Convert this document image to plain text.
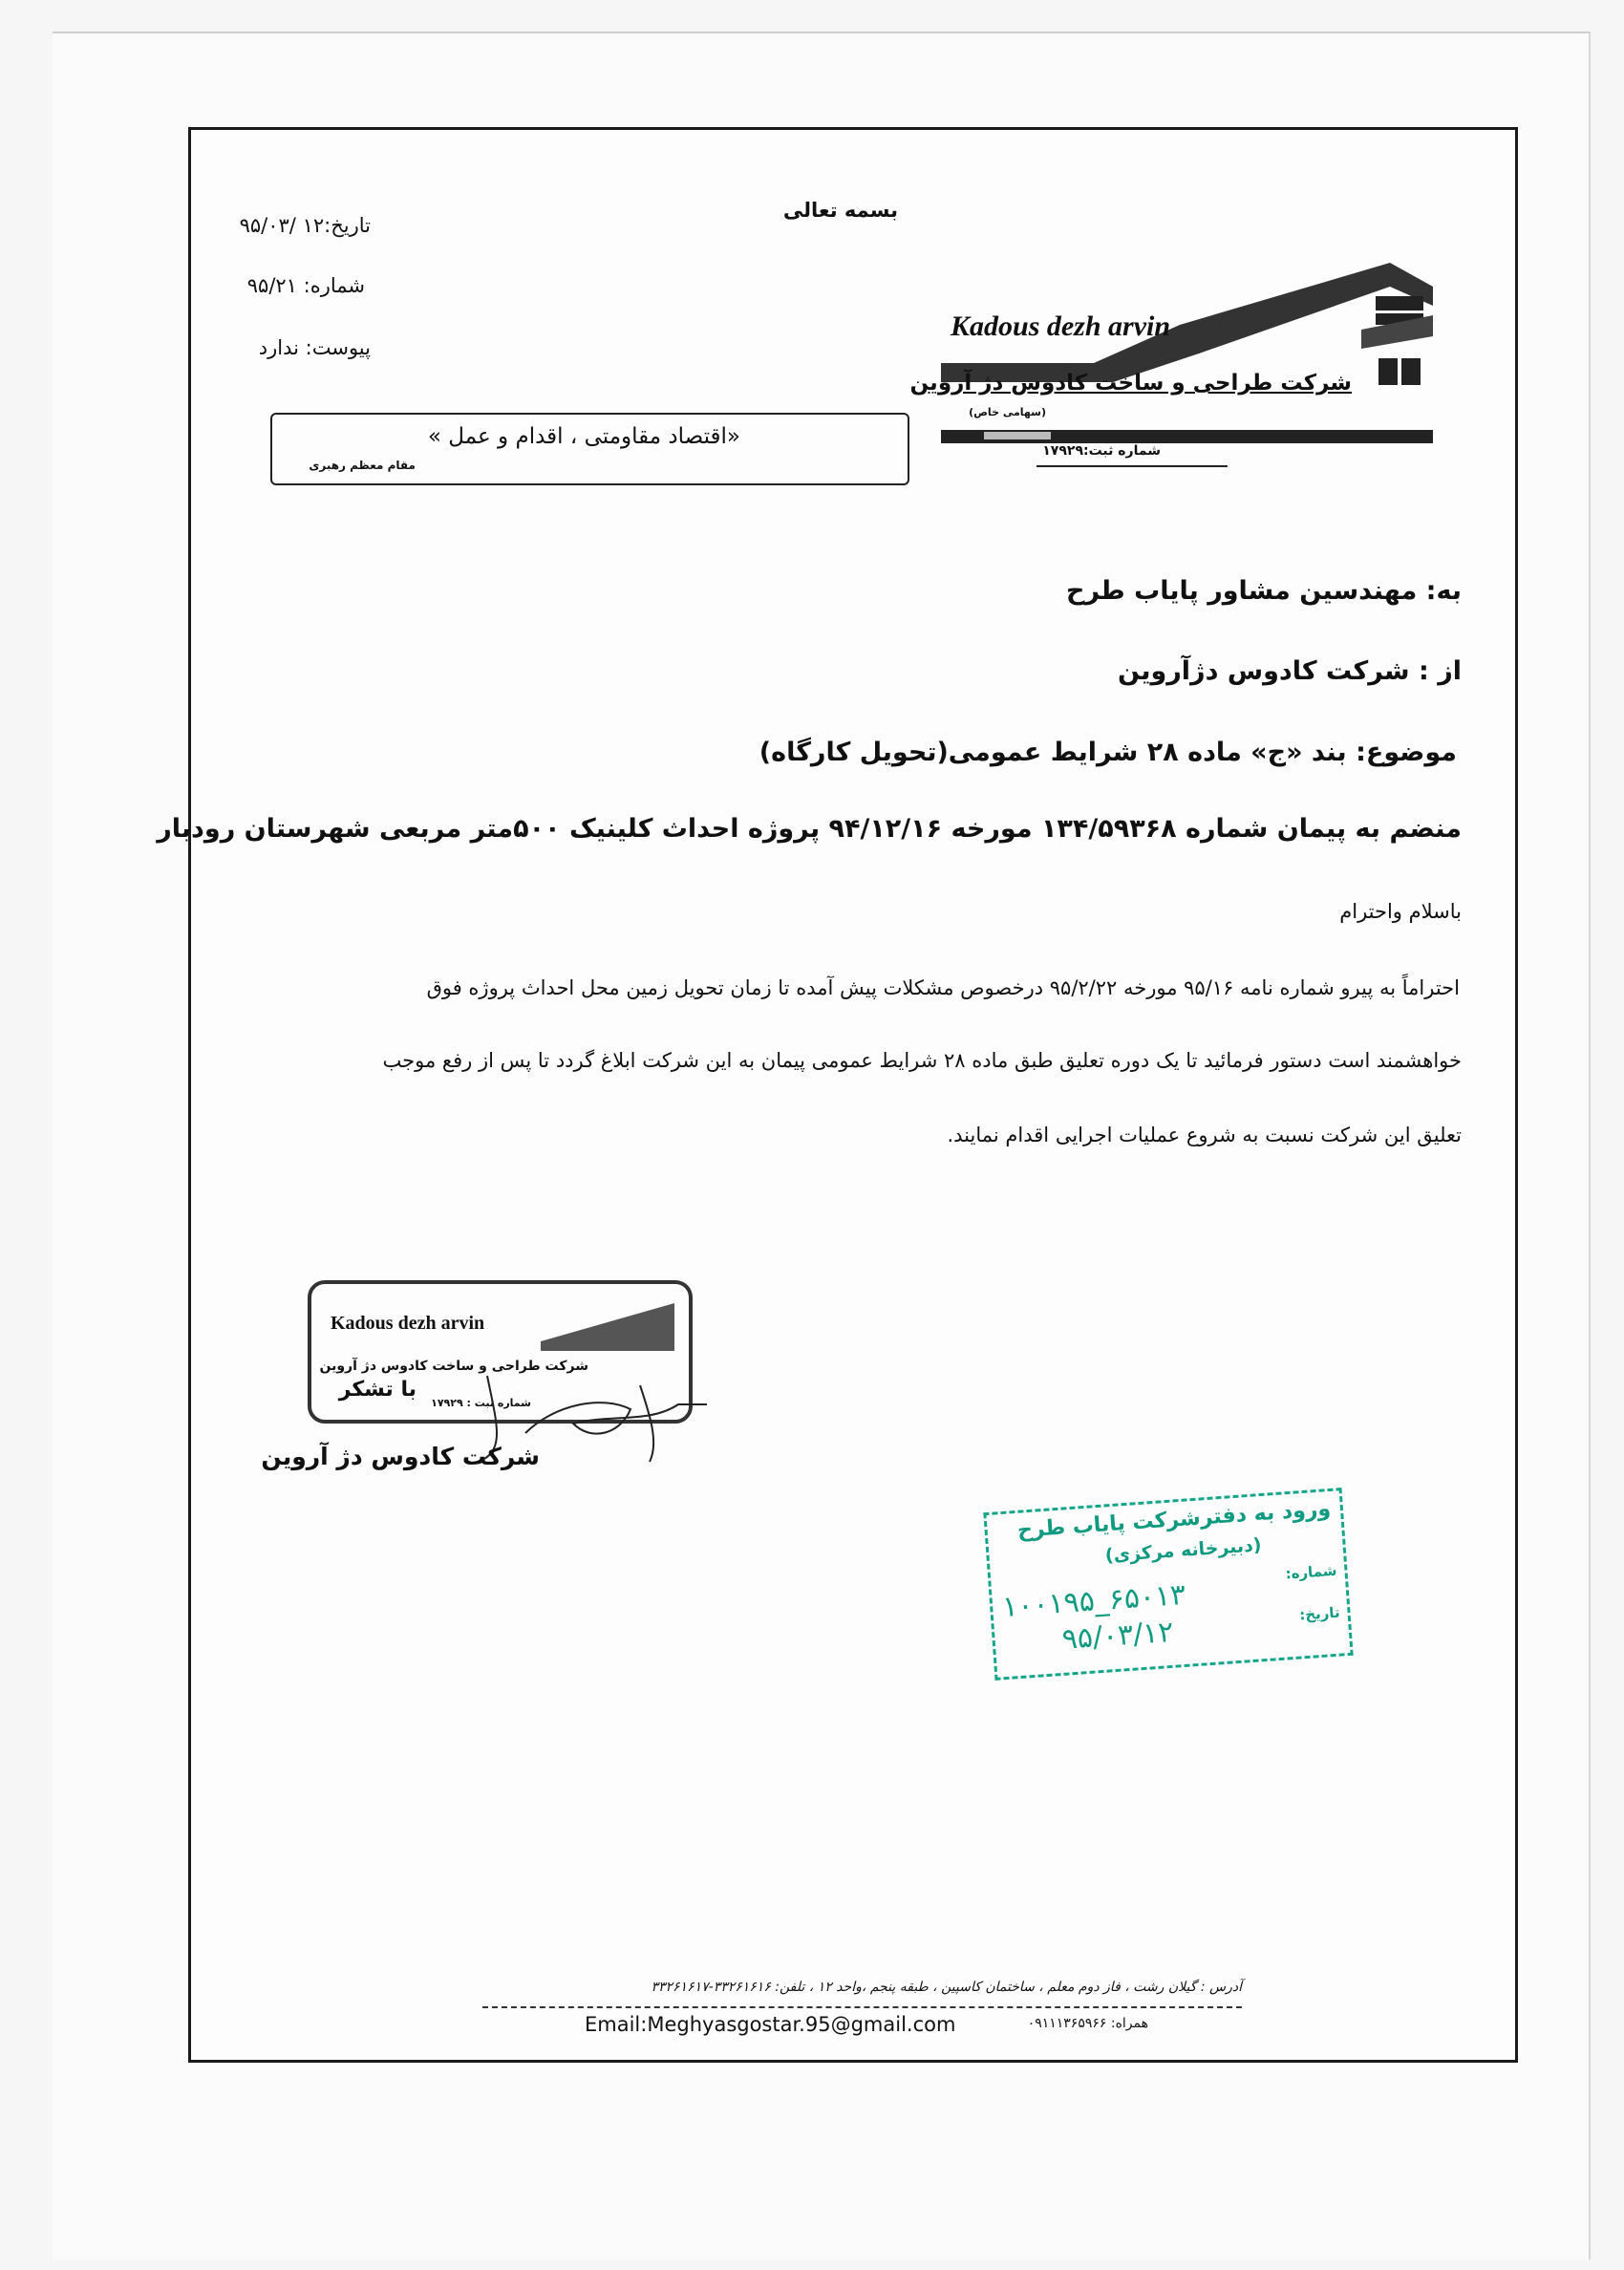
بسمه تعالی
تاریخ:۱۲ /۹۵/۰۳
شماره: ۹۵/۲۱
پیوست: ندارد
Kadous dezh arvin
شرکت طراحی و ساخت کادوس دژ آروین
(سهامی خاص)
شماره ثبت:۱۷۹۲۹
«اقتصاد مقاومتی ، اقدام و عمل »
مقام معظم رهبری
به: مهندسین مشاور پایاب طرح
از : شرکت کادوس دژآروین
موضوع: بند «ج» ماده ۲۸ شرایط عمومی(تحویل کارگاه)
منضم به پیمان شماره ۱۳۴/۵۹۳۶۸ مورخه ۹۴/۱۲/۱۶ پروژه احداث کلینیک ۵۰۰متر مربعی شهرستان رودبار
باسلام واحترام
احتراماً به پیرو شماره نامه ۹۵/۱۶ مورخه ۹۵/۲/۲۲ درخصوص مشکلات پیش آمده تا زمان تحویل زمین محل احداث پروژه فوق
خواهشمند است دستور فرمائید تا یک دوره تعلیق طبق ماده ۲۸ شرایط عمومی پیمان به این شرکت ابلاغ گردد تا پس از رفع موجب
تعلیق این شرکت نسبت به شروع عملیات اجرایی اقدام نمایند.
Kadous dezh arvin
شرکت طراحی و ساخت کادوس دژ آروین
با تشکر
شماره ثبت : ۱۷۹۲۹
شرکت کادوس دژ آروین
ورود به دفترشرکت پایاب طرح
(دبیرخانه مرکزی)
شماره:
۱۰۰۱۹۵_۶۵۰۱۳	تاریخ:
۹۵/۰۳/۱۲
آدرس : گیلان رشت ، فاز دوم معلم ، ساختمان کاسپین ، طبقه پنجم ،واحد ۱۲ ، تلفن: ۳۳۲۶۱۶۱۶-۳۳۲۶۱۶۱۷
Email:Meghyasgostar.95@gmail.com	همراه: ۰۹۱۱۱۳۶۵۹۶۶
